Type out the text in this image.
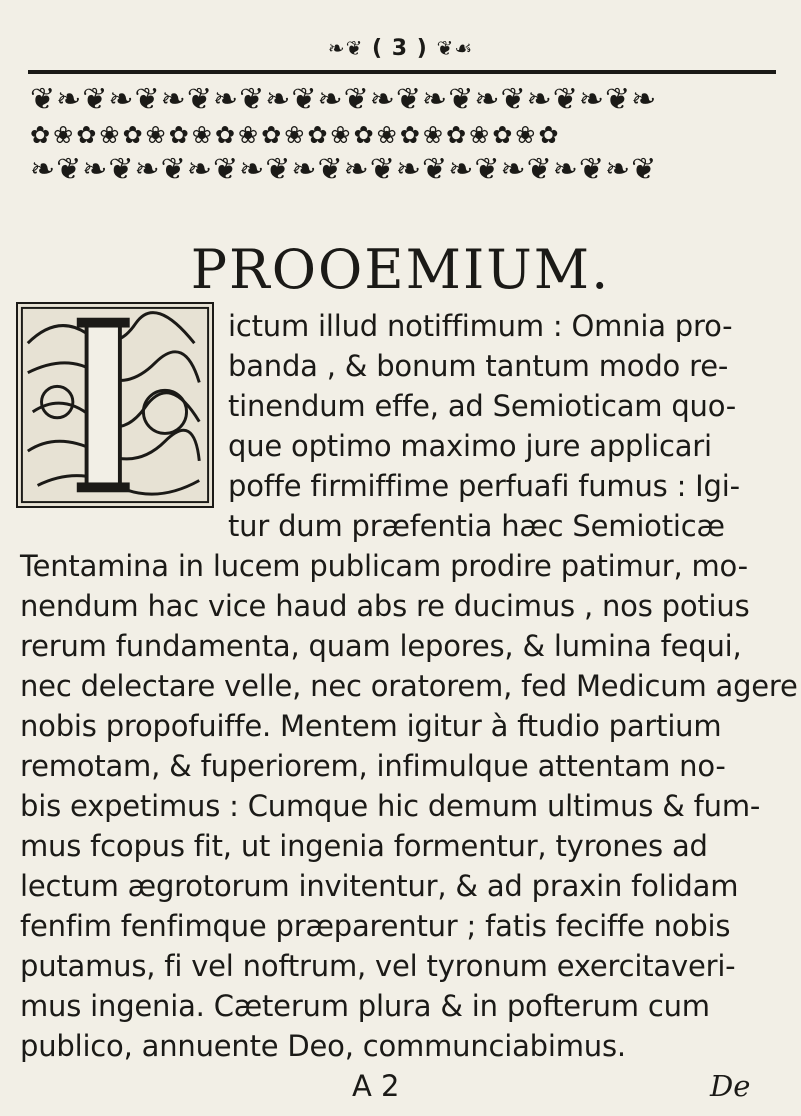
❧❦ ( 3 ) ❦☙
❦❧❦❧❦❧❦❧❦❧❦❧❦❧❦❧❦❧❦❧❦❧❦❧
✿❀✿❀✿❀✿❀✿❀✿❀✿❀✿❀✿❀✿❀✿❀✿
❧❦❧❦❧❦❧❦❧❦❧❦❧❦❧❦❧❦❧❦❧❦❧❦
PROOEMIUM.
ictum illud notiffimum : Omnia pro-
banda , & bonum tantum modo re-
tinendum effe, ad Semioticam quo-
que optimo maximo jure applicari
poffe firmiffime perfuafi fumus : Igi-
tur dum præfentia hæc Semioticæ
Tentamina in lucem publicam prodire patimur, mo-
nendum hac vice haud abs re ducimus , nos potius
rerum fundamenta, quam lepores, & lumina fequi,
nec delectare velle, nec oratorem, fed Medicum agere
nobis propofuiffe. Mentem igitur à ftudio partium
remotam, & fuperiorem, infimulque attentam no-
bis expetimus : Cumque hic demum ultimus & fum-
mus fcopus fit, ut ingenia formentur, tyrones ad
lectum ægrotorum invitentur, & ad praxin folidam
fenfim fenfimque præparentur ; fatis feciffe nobis
putamus, fi vel noftrum, vel tyronum exercitaveri-
mus ingenia. Cæterum plura & in pofterum cum
publico, annuente Deo, communciabimus.
A 2	De
